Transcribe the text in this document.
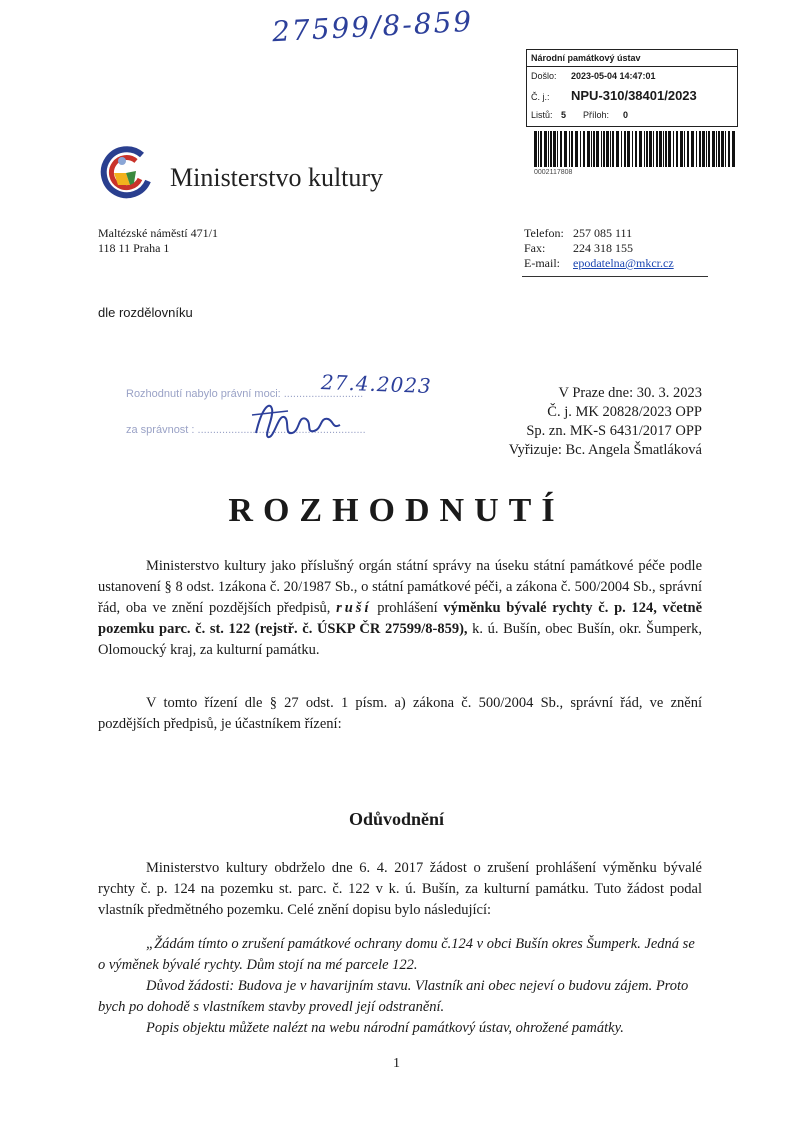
27599/8-859
Národní památkový ústav
Došlo: 2023-05-04 14:47:01
Č. j.: NPU-310/38401/2023
Listů: 5 Příloh: 0
0002117808
Ministerstvo kultury
Maltézské náměstí 471/1
118 11 Praha 1
Telefon: 257 085 111
Fax: 224 318 155
E-mail: epodatelna@mkcr.cz
dle rozdělovníku
Rozhodnutí nabylo právní moci: ..........................
27.4.2023
za správnost : .......................................................
V Praze dne: 30. 3. 2023
Č. j. MK 20828/2023 OPP
Sp. zn. MK-S 6431/2017 OPP
Vyřizuje: Bc. Angela Šmatláková
ROZHODNUTÍ
Ministerstvo kultury jako příslušný orgán státní správy na úseku státní památkové péče podle ustanovení § 8 odst. 1zákona č. 20/1987 Sb., o státní památkové péči, a zákona č. 500/2004 Sb., správní řád, oba ve znění pozdějších předpisů, ruší prohlášení výměnku bývalé rychty č. p. 124, včetně pozemku parc. č. st. 122 (rejstř. č. ÚSKP ČR 27599/8-859), k. ú. Bušín, obec Bušín, okr. Šumperk, Olomoucký kraj, za kulturní památku.
V tomto řízení dle § 27 odst. 1 písm. a) zákona č. 500/2004 Sb., správní řád, ve znění pozdějších předpisů, je účastníkem řízení:
Odůvodnění
Ministerstvo kultury obdrželo dne 6. 4. 2017 žádost o zrušení prohlášení výměnku bývalé rychty č. p. 124 na pozemku st. parc. č. 122 v k. ú. Bušín, za kulturní památku. Tuto žádost podal vlastník předmětného pozemku. Celé znění dopisu bylo následující:

„Žádám tímto o zrušení památkové ochrany domu č.124 v obci Bušín okres Šumperk. Jedná se o výměnek bývalé rychty. Dům stojí na mé parcele 122.

Důvod žádosti: Budova je v havarijním stavu. Vlastník ani obec nejeví o budovu zájem. Proto bych po dohodě s vlastníkem stavby provedl její odstranění.

Popis objektu můžete nalézt na webu národní památkový ústav, ohrožené památky.

1
